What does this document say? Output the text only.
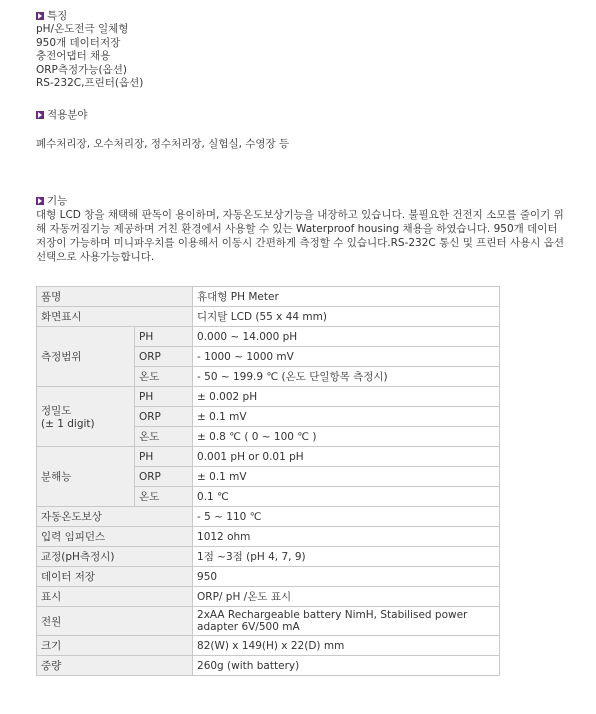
특징
pH/온도전극 일체형
950개 데이터저장
충전어댑터 채용
ORP측정가능(옵션)
RS-232C,프린터(옵션)
적용분야
폐수처리장, 오수처리장, 정수처리장, 실험실, 수영장 등
기능
대형 LCD 창을 채택해 판독이 용이하며, 자동온도보상기능을 내장하고 있습니다. 불필요한 건전지 소모를 줄이기 위해 자동꺼짐기능 제공하며 거친 환경에서 사용할 수 있는 Waterproof housing 채용을 하였습니다. 950개 데이터 저장이 가능하며 미니파우치를 이용해서 이동시 간편하게 측정할 수 있습니다.RS-232C 통신 및 프린터 사용시 옵션 선택으로 사용가능합니다.
품명		휴대형 PH Meter
화면표시		디지탈 LCD (55 x 44 mm)
측정범위	PH	0.000 ~ 14.000 pH
	ORP	- 1000 ~ 1000 mV
	온도	- 50 ~ 199.9 ℃ (온도 단일항목 측정시)

정밀도
(± 1 digit)	PH	± 0.002 pH
	ORP	± 0.1 mV
	온도	± 0.8 ℃ ( 0 ~ 100 ℃ )
분해능	PH	0.001 pH or 0.01 pH
	ORP	± 0.1 mV
	온도	0.1 ℃
자동온도보상		- 5 ~ 110 ℃
입력 임피던스		1012 ohm
교정(pH측정시)		1점 ~3점 (pH 4, 7, 9)
데이터 저장		950
표시		ORP/ pH /온도 표시
전원		2xAA Rechargeable battery NimH, Stabilised power adapter 6V/500 mA
크기		82(W) x 149(H) x 22(D) mm
중량		260g (with battery)
